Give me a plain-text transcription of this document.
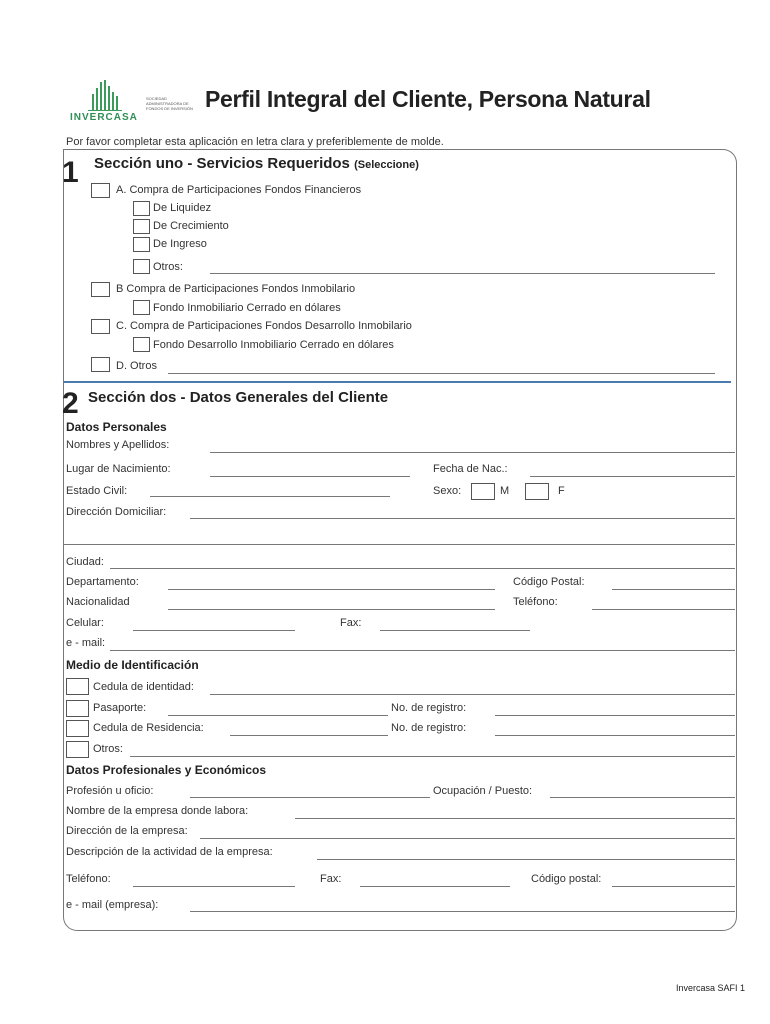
INVERCASA
SOCIEDAD ADMINISTRADORA DE FONDOS DE INVERSIÓN Perfil Integral del Cliente, Persona Natural
Por favor completar esta aplicación en letra clara y preferiblemente de molde.
1 Sección uno - Servicios Requeridos (Seleccione)
A. Compra de Participaciones Fondos Financieros
De Liquidez
De Crecimiento
De Ingreso
Otros:
B Compra de Participaciones Fondos Inmobilario
Fondo Inmobiliario Cerrado en dólares
C. Compra de Participaciones Fondos Desarrollo Inmobilario
Fondo Desarrollo Inmobiliario Cerrado en dólares
D. Otros
2 Sección dos - Datos Generales del Cliente
Datos Personales
Nombres y Apellidos:
Lugar de Nacimiento:	Fecha de Nac.:
Estado Civil:	Sexo:	M	F
Dirección Domiciliar:
Ciudad:
Departamento:	Código Postal:
Nacionalidad	Teléfono:
Celular:	Fax:
e - mail:
Medio de Identificación
Cedula de identidad:
Pasaporte:	No. de registro:
Cedula de Residencia:	No. de registro:
Otros:
Datos Profesionales y Económicos
Profesión u oficio:	Ocupación / Puesto:
Nombre de la empresa donde labora:
Dirección de la empresa:
Descripción de la actividad de la empresa:
Teléfono:	Fax:	Código postal:
e - mail (empresa):
Invercasa SAFI 1
